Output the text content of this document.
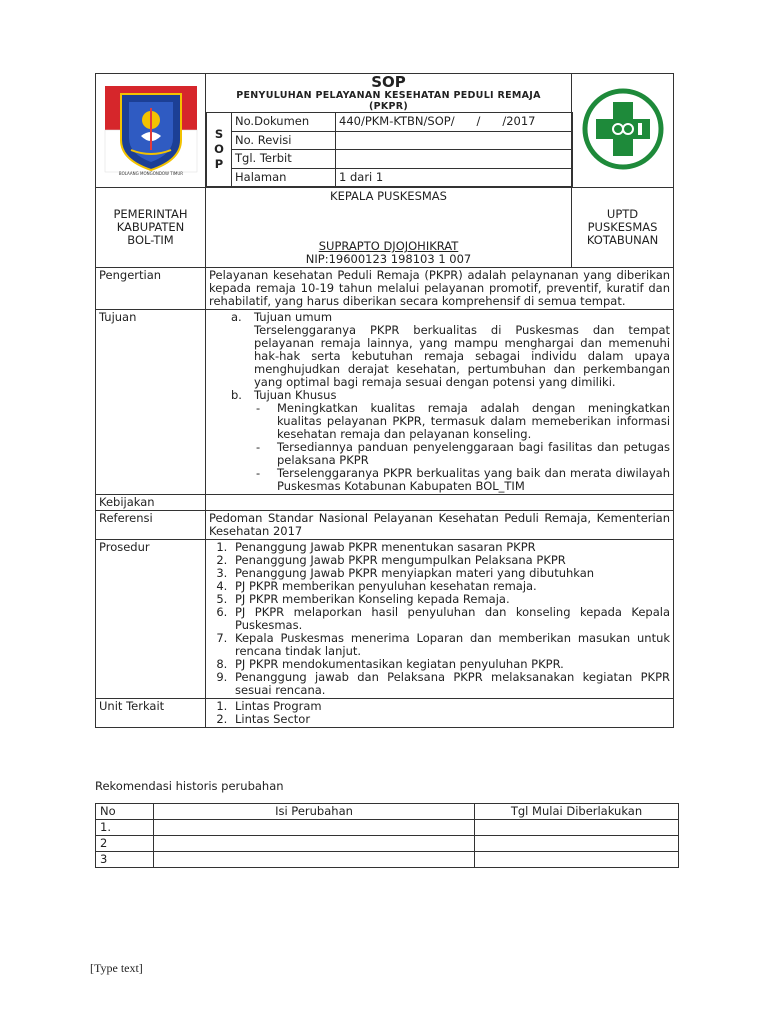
BOLAANG MONGONDOW TIMUR

SOP
PENYULUHAN PELAYANAN KESEHATAN PEDULI REMAJA
(PKPR)
S
O
P
	No.Dokumen	440/PKM-KTBN/SOP/      /      /2017
No. Revisi	
Tgl. Terbit	
Halaman	1 dari 1

PEMERINTAH
KABUPATEN
BOL-TIM

KEPALA PUSKESMAS
SUPRAPTO DJOJOHIKRAT
NIP:19600123 198103 1 007

UPTD
PUSKESMAS
KOTABUNAN

Pengertian	Pelayanan kesehatan Peduli Remaja (PKPR) adalah pelaynanan yang diberikan kepada remaja 10-19 tahun melalui pelayanan promotif, preventif, kuratif dan rehabilatif, yang harus diberikan secara komprehensif di semua tempat.
Tujuan	a.	Tujuan umum
Terselenggaranya PKPR berkualitas di Puskesmas dan tempat pelayanan remaja lainnya, yang mampu menghargai dan memenuhi hak-hak serta kebutuhan remaja sebagai individu dalam upaya menghujudkan derajat kesehatan, pertumbuhan dan perkembangan yang optimal bagi remaja sesuai dengan potensi yang dimiliki.
b.	Tujuan Khusus
-	Meningkatkan kualitas remaja adalah dengan meningkatkan kualitas pelayanan PKPR, termasuk dalam memeberikan informasi kesehatan remaja dan pelayanan konseling.
-	Tersediannya panduan penyelenggaraan bagi fasilitas dan petugas pelaksana PKPR
-	Terselenggaranya PKPR berkualitas yang baik dan merata diwilayah Puskesmas Kotabunan Kabupaten BOL_TIM

Kebijakan	
Referensi	Pedoman Standar Nasional Pelayanan Kesehatan Peduli Remaja, Kementerian Kesehatan 2017
Prosedur	
1.Penanggung Jawab PKPR menentukan sasaran PKPR
2. Penanggung Jawab PKPR mengumpulkan Pelaksana PKPR
3. Penanggung Jawab PKPR menyiapkan materi yang dibutuhkan
4. PJ PKPR memberikan penyuluhan kesehatan remaja.
5. PJ PKPR memberikan Konseling kepada Remaja.
6. PJ PKPR melaporkan hasil penyuluhan dan konseling kepada Kepala Puskesmas.
7. Kepala Puskesmas menerima Loparan dan memberikan masukan untuk rencana tindak lanjut.
8. PJ PKPR mendokumentasikan kegiatan penyuluhan PKPR.
9. Penanggung jawab dan Pelaksana PKPR melaksanakan kegiatan PKPR sesuai rencana.

Unit Terkait	
1.Lintas Program
2. Lintas Sector
Rekomendasi historis perubahan
No	Isi Perubahan	Tgl Mulai Diberlakukan
1.		
2		
3		
[Type text]
